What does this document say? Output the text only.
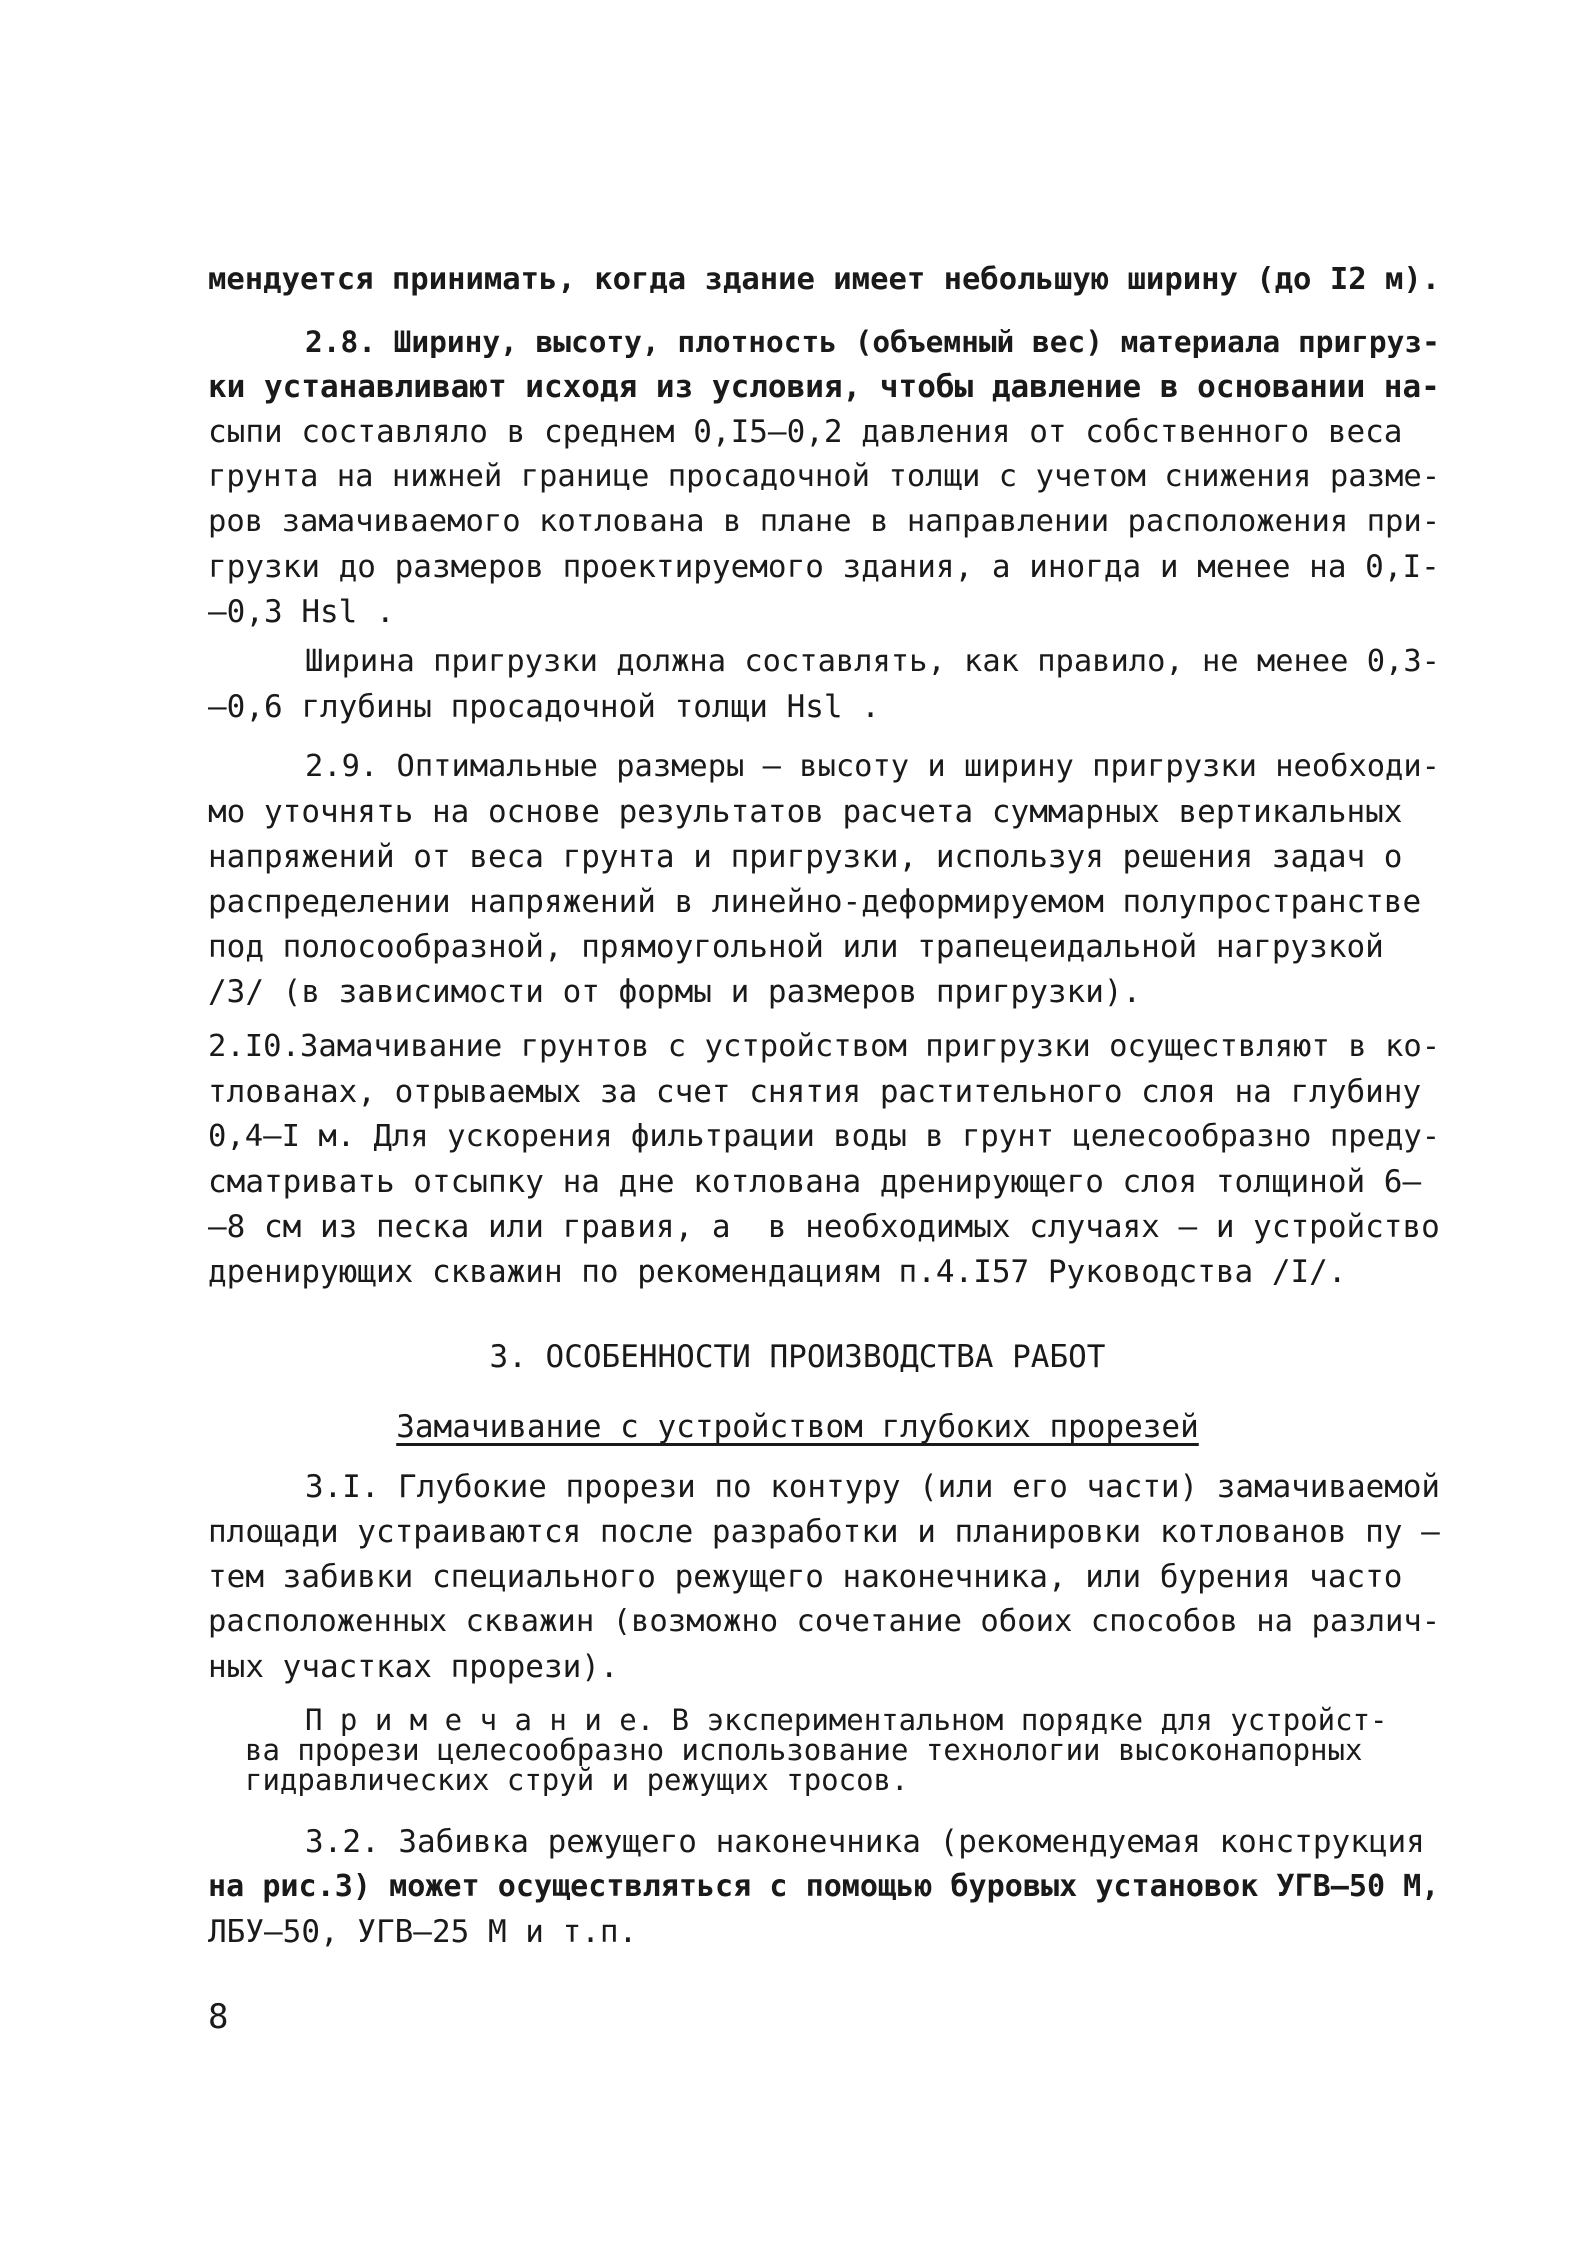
мендуется принимать, когда здание имеет небольшую ширину (до I2 м).
2.8. Ширину, высоту, плотность (объемный вес) материала пригруз-
ки устанавливают исходя из условия, чтобы давление в основании на-
сыпи составляло в среднем 0,I5–0,2 давления от собственного веса
грунта на нижней границе просадочной толщи с учетом снижения разме-
ров замачиваемого котлована в плане в направлении расположения при-
грузки до размеров проектируемого здания, а иногда и менее на 0,I-
–0,3 Hsl .
Ширина пригрузки должна составлять, как правило, не менее 0,3-
–0,6 глубины просадочной толщи Hsl .
2.9. Оптимальные размеры – высоту и ширину пригрузки необходи-
мо уточнять на основе результатов расчета суммарных вертикальных
напряжений от веса грунта и пригрузки, используя решения задач о
распределении напряжений в линейно-деформируемом полупространстве
под полосообразной, прямоугольной или трапецеидальной нагрузкой
/3/ (в зависимости от формы и размеров пригрузки).
2.I0.Замачивание грунтов с устройством пригрузки осуществляют в ко-
тлованах, отрываемых за счет снятия растительного слоя на глубину
0,4–I м. Для ускорения фильтрации воды в грунт целесообразно преду-
сматривать отсыпку на дне котлована дренирующего слоя толщиной 6–
–8 см из песка или гравия, а  в необходимых случаях – и устройство
дренирующих скважин по рекомендациям п.4.I57 Руководства /I/.
3. ОСОБЕННОСТИ ПРОИЗВОДСТВА РАБОТ
Замачивание с устройством глубоких прорезей
3.I. Глубокие прорези по контуру (или его части) замачиваемой
площади устраиваются после разработки и планировки котлованов пу –
тем забивки специального режущего наконечника, или бурения часто
расположенных скважин (возможно сочетание обоих способов на различ-
ных участках прорези).
П р и м е ч а н и е. В экспериментальном порядке для устройст-
ва прорези целесообразно использование технологии высоконапорных
гидравлических струй и режущих тросов.
3.2. Забивка режущего наконечника (рекомендуемая конструкция
на рис.3) может осуществляться с помощью буровых установок УГВ–50 М,
ЛБУ–50, УГВ–25 М и т.п.
8
